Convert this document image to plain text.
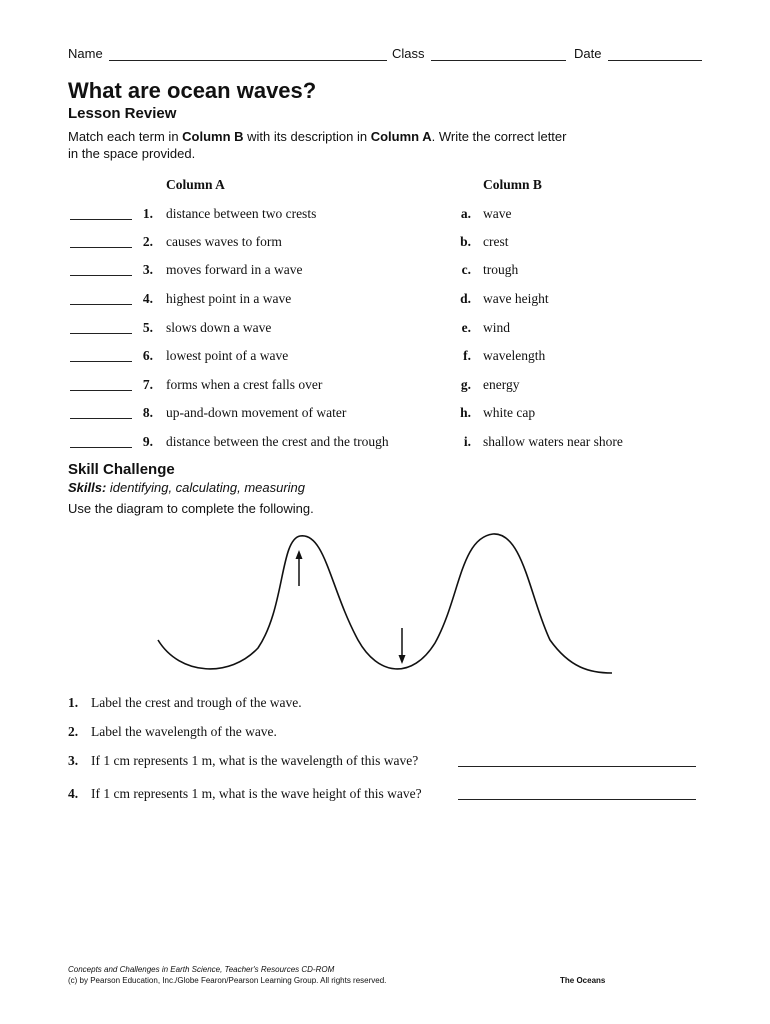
Name	Class	Date
What are ocean waves?
Lesson Review
Match each term in Column B with its description in Column A. Write the correct letter in the space provided.
Column A	Column B
1. distance between two crests	a. wave
2. causes waves to form	b. crest
3. moves forward in a wave	c. trough
4. highest point in a wave	d. wave height
5. slows down a wave	e. wind
6. lowest point of a wave	f. wavelength
7. forms when a crest falls over	g. energy
8. up-and-down movement of water	h. white cap
9. distance between the crest and the trough	i. shallow waters near shore
Skill Challenge
Skills: identifying, calculating, measuring
Use the diagram to complete the following.
1. Label the crest and trough of the wave.
2. Label the wavelength of the wave.
3. If 1 cm represents 1 m, what is the wavelength of this wave?
4. If 1 cm represents 1 m, what is the wave height of this wave?
Concepts and Challenges in Earth Science, Teacher's Resources CD-ROM
(c) by Pearson Education, Inc./Globe Fearon/Pearson Learning Group. All rights reserved.	The Oceans
